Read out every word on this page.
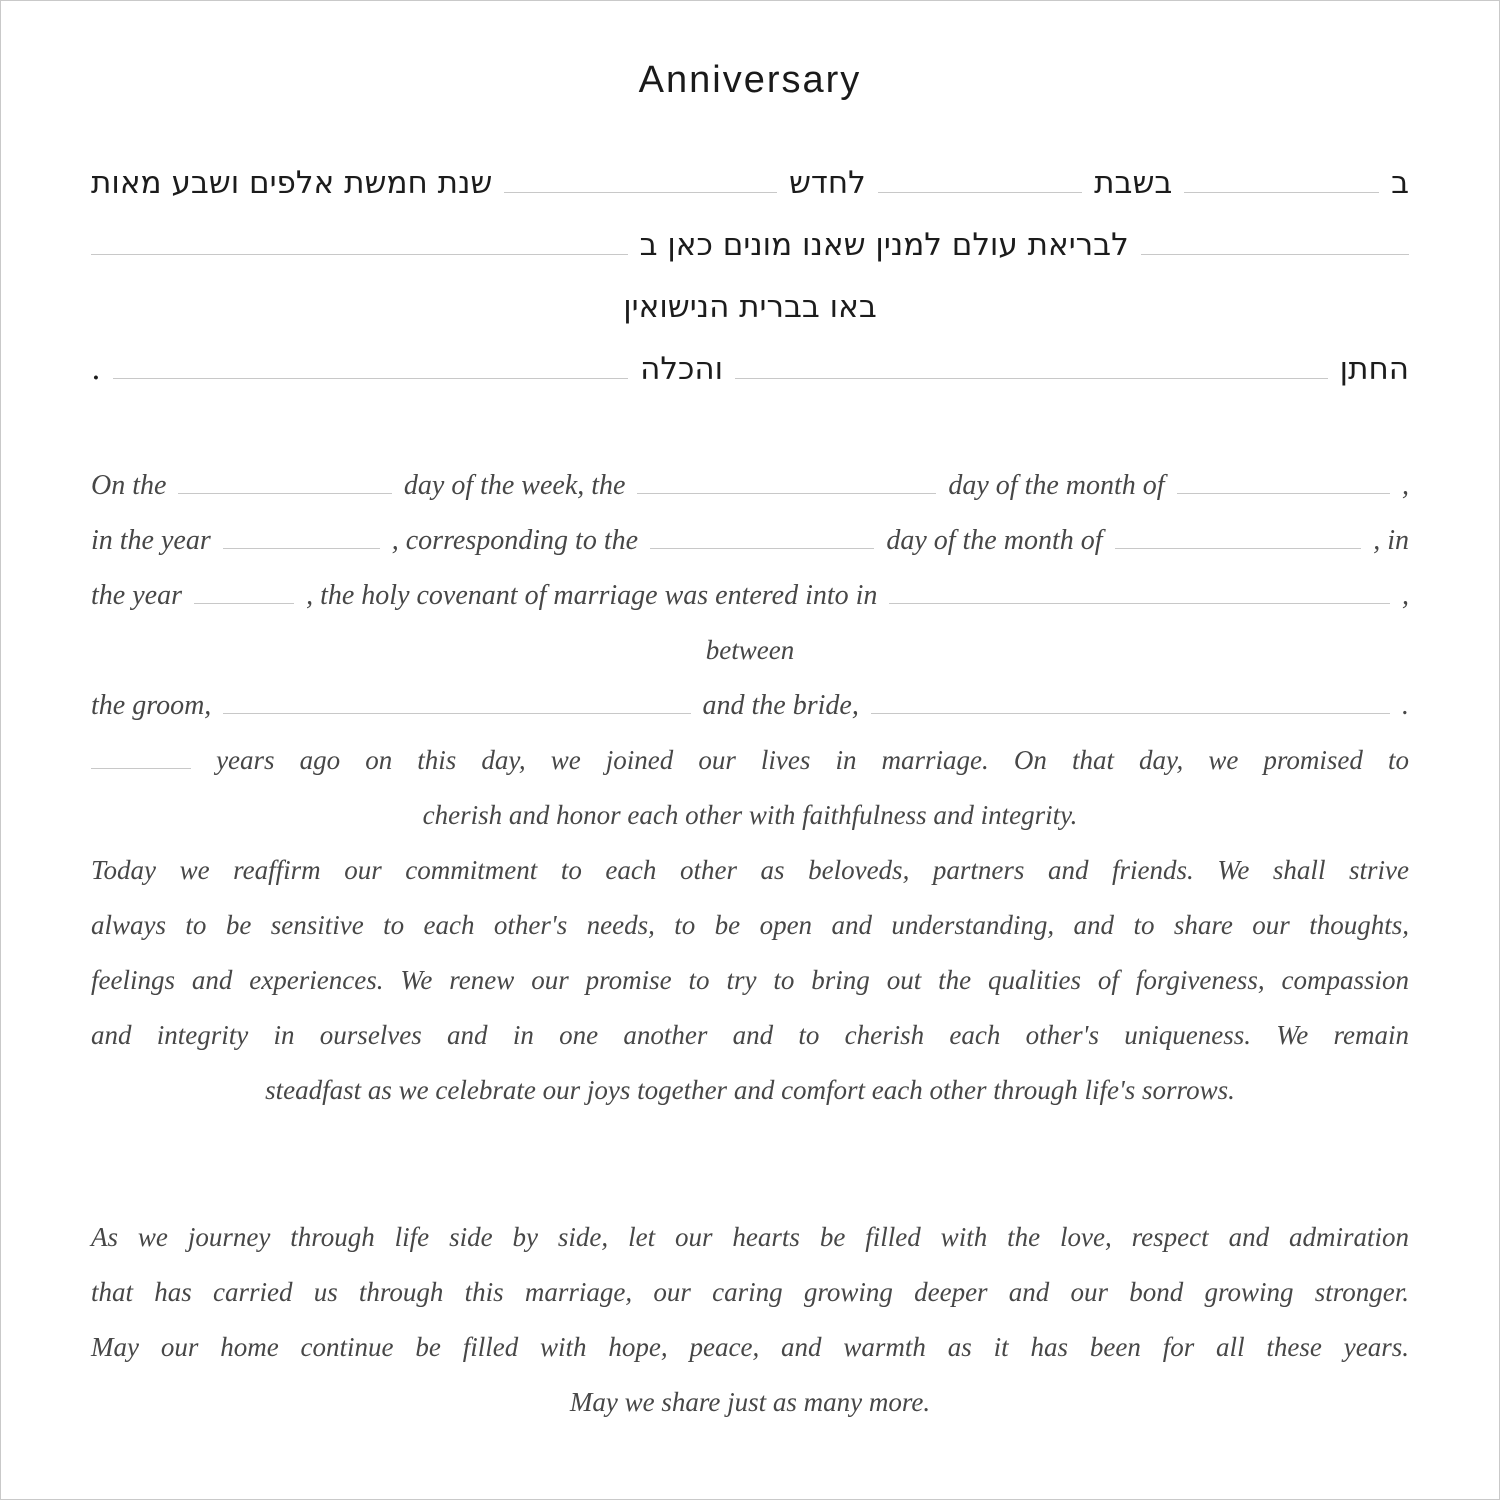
Anniversary
ב
בשבת
לחדש
שנת חמשת אלפים ושבע מאות
לבריאת עולם למנין שאנו מונים כאן ב
באו בברית הנישואין
החתן
והכלה
.
On the	day of the week, the	day of the month of	,
in the year	, corresponding to the	day of the month of	, in
the year	, the holy covenant of marriage was entered into in	,
between
the groom,	and the bride,	.
years ago on this day, we joined our lives in marriage. On that day, we promised to
cherish and honor each other with faithfulness and integrity.
Today we reaffirm our commitment to each other as beloveds, partners and friends. We shall strive
always to be sensitive to each other's needs, to be open and understanding, and to share our thoughts,
feelings and experiences. We renew our promise to try to bring out the qualities of forgiveness, compassion
and integrity in ourselves and in one another and to cherish each other's uniqueness. We remain
steadfast as we celebrate our joys together and comfort each other through life's sorrows.
As we journey through life side by side, let our hearts be filled with the love, respect and admiration
that has carried us through this marriage, our caring growing deeper and our bond growing stronger.
May our home continue be filled with hope, peace, and warmth as it has been for all these years.
May we share just as many more.
